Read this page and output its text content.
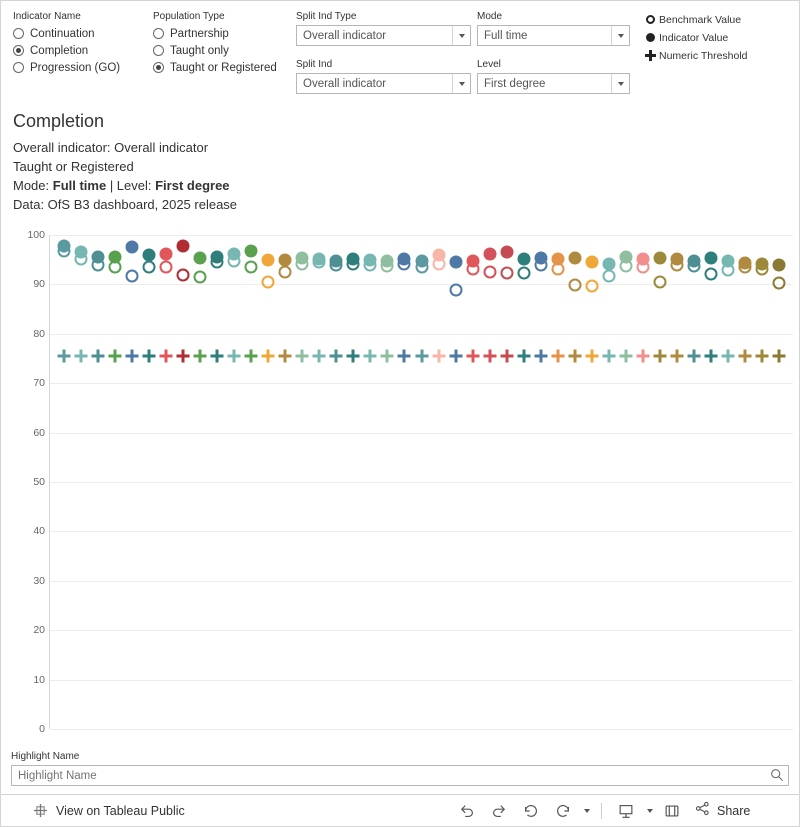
Indicator Name
Continuation
Completion
Progression (GO)
Population Type
Partnership
Taught only
Taught or Registered
Split Ind Type
Overall indicator
Split Ind
Overall indicator
Mode
Full time
Level
First degree
Benchmark Value
Indicator Value
Numeric Threshold
Completion
Overall indicator: Overall indicator
Taught or Registered
Mode: Full time | Level: First degree
Data: OfS B3 dashboard, 2025 release
0
10
20
30
40
50
60
70
80
90
100
Highlight Name
Highlight Name
View on Tableau Public	Share
